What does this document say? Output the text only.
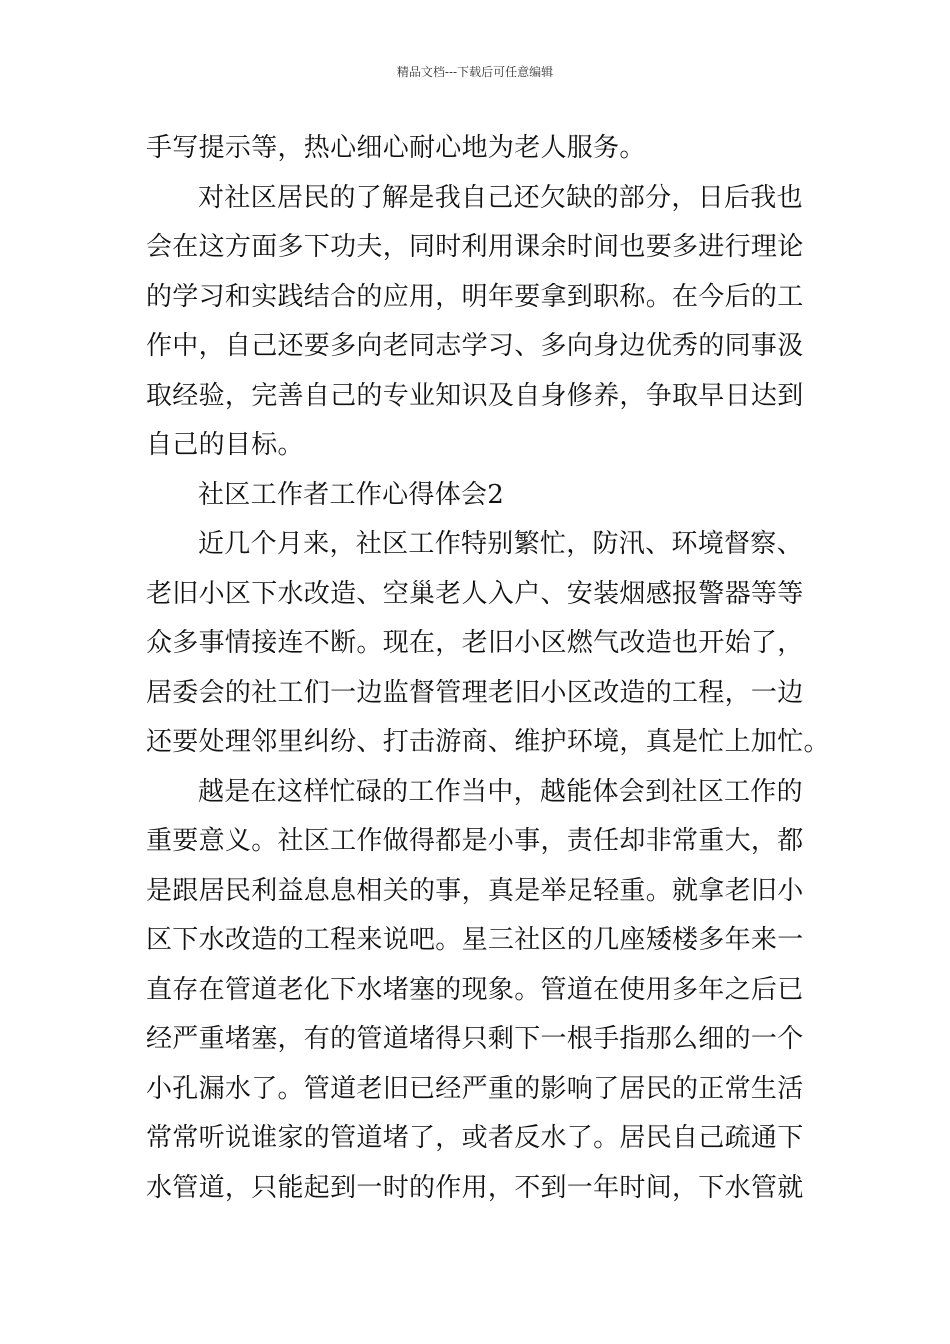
精品文档---下载后可任意编辑
手写提示等，热心细心耐心地为老人服务。
对社区居民的了解是我自己还欠缺的部分，日后我也
会在这方面多下功夫，同时利用课余时间也要多进行理论
的学习和实践结合的应用，明年要拿到职称。在今后的工
作中，自己还要多向老同志学习、多向身边优秀的同事汲
取经验，完善自己的专业知识及自身修养，争取早日达到
自己的目标。
社区工作者工作心得体会2
近几个月来，社区工作特别繁忙，防汛、环境督察、
老旧小区下水改造、空巢老人入户、安装烟感报警器等等
众多事情接连不断。现在，老旧小区燃气改造也开始了，
居委会的社工们一边监督管理老旧小区改造的工程，一边
还要处理邻里纠纷、打击游商、维护环境，真是忙上加忙。
越是在这样忙碌的工作当中，越能体会到社区工作的
重要意义。社区工作做得都是小事，责任却非常重大，都
是跟居民利益息息相关的事，真是举足轻重。就拿老旧小
区下水改造的工程来说吧。星三社区的几座矮楼多年来一
直存在管道老化下水堵塞的现象。管道在使用多年之后已
经严重堵塞，有的管道堵得只剩下一根手指那么细的一个
小孔漏水了。管道老旧已经严重的影响了居民的正常生活
常常听说谁家的管道堵了，或者反水了。居民自己疏通下
水管道，只能起到一时的作用，不到一年时间，下水管就
